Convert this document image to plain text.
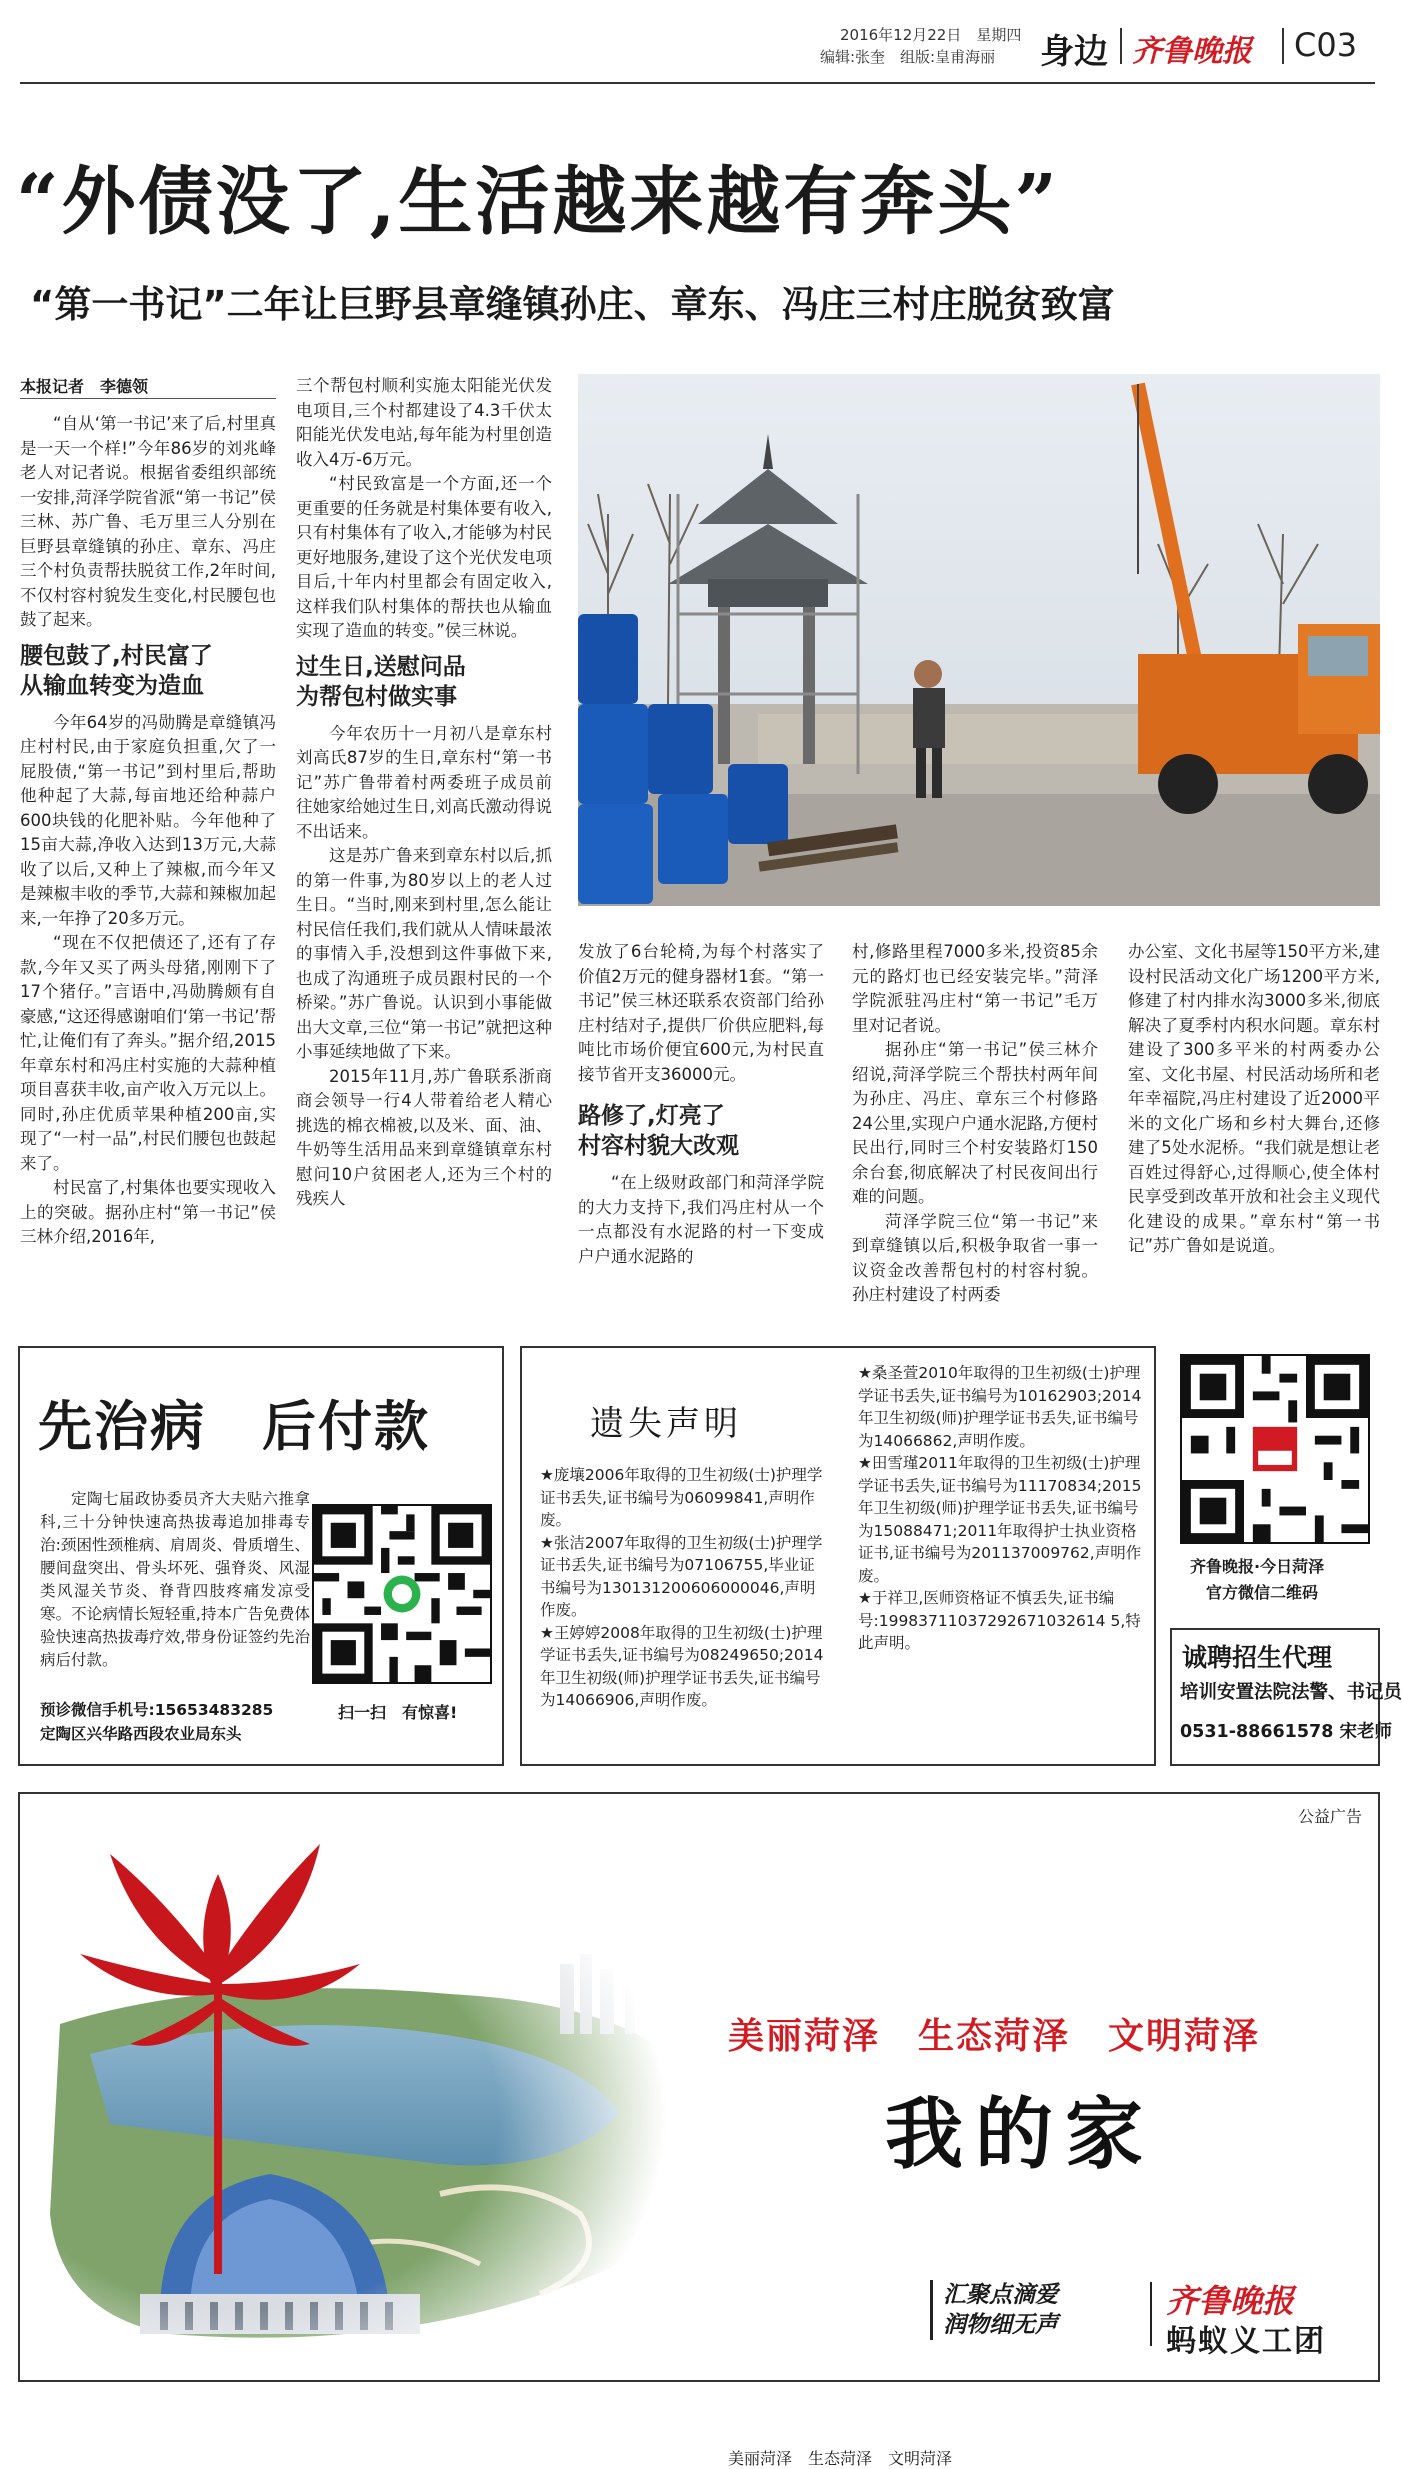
2016年12月22日　星期四
编辑:张奎　组版:皇甫海丽 身边 齐鲁晚报 C03
“外债没了,生活越来越有奔头”
“第一书记”二年让巨野县章缝镇孙庄、章东、冯庄三村庄脱贫致富
本报记者　李德领

“自从‘第一书记’来了后,村里真是一天一个样!”今年86岁的刘兆峰老人对记者说。根据省委组织部统一安排,菏泽学院省派“第一书记”侯三林、苏广鲁、毛万里三人分别在巨野县章缝镇的孙庄、章东、冯庄三个村负责帮扶脱贫工作,2年时间,不仅村容村貌发生变化,村民腰包也鼓了起来。

腰包鼓了,村民富了
从输血转变为造血

今年64岁的冯勋腾是章缝镇冯庄村村民,由于家庭负担重,欠了一屁股债,“第一书记”到村里后,帮助他种起了大蒜,每亩地还给种蒜户600块钱的化肥补贴。今年他种了15亩大蒜,净收入达到13万元,大蒜收了以后,又种上了辣椒,而今年又是辣椒丰收的季节,大蒜和辣椒加起来,一年挣了20多万元。

“现在不仅把债还了,还有了存款,今年又买了两头母猪,刚刚下了17个猪仔。”言语中,冯勋腾颇有自豪感,“这还得感谢咱们‘第一书记’帮忙,让俺们有了奔头。”据介绍,2015年章东村和冯庄村实施的大蒜种植项目喜获丰收,亩产收入万元以上。同时,孙庄优质苹果种植200亩,实现了“一村一品”,村民们腰包也鼓起来了。

村民富了,村集体也要实现收入上的突破。据孙庄村“第一书记”侯三林介绍,2016年,

三个帮包村顺利实施太阳能光伏发电项目,三个村都建设了4.3千伏太阳能光伏发电站,每年能为村里创造收入4万-6万元。

“村民致富是一个方面,还一个更重要的任务就是村集体要有收入,只有村集体有了收入,才能够为村民更好地服务,建设了这个光伏发电项目后,十年内村里都会有固定收入,这样我们队村集体的帮扶也从输血实现了造血的转变。”侯三林说。

过生日,送慰问品
为帮包村做实事

今年农历十一月初八是章东村刘高氏87岁的生日,章东村“第一书记”苏广鲁带着村两委班子成员前往她家给她过生日,刘高氏激动得说不出话来。

这是苏广鲁来到章东村以后,抓的第一件事,为80岁以上的老人过生日。“当时,刚来到村里,怎么能让村民信任我们,我们就从人情味最浓的事情入手,没想到这件事做下来,也成了沟通班子成员跟村民的一个桥梁。”苏广鲁说。认识到小事能做出大文章,三位“第一书记”就把这种小事延续地做了下来。

2015年11月,苏广鲁联系浙商商会领导一行4人带着给老人精心挑选的棉衣棉被,以及米、面、油、牛奶等生活用品来到章缝镇章东村慰问10户贫困老人,还为三个村的残疾人

发放了6台轮椅,为每个村落实了价值2万元的健身器材1套。“第一书记”侯三林还联系农资部门给孙庄村结对子,提供厂价供应肥料,每吨比市场价便宜600元,为村民直接节省开支36000元。

路修了,灯亮了
村容村貌大改观

“在上级财政部门和菏泽学院的大力支持下,我们冯庄村从一个一点都没有水泥路的村一下变成户户通水泥路的

村,修路里程7000多米,投资85余元的路灯也已经安装完毕。”菏泽学院派驻冯庄村“第一书记”毛万里对记者说。

据孙庄“第一书记”侯三林介绍说,菏泽学院三个帮扶村两年间为孙庄、冯庄、章东三个村修路24公里,实现户户通水泥路,方便村民出行,同时三个村安装路灯150余台套,彻底解决了村民夜间出行难的问题。

菏泽学院三位“第一书记”来到章缝镇以后,积极争取省一事一议资金改善帮包村的村容村貌。孙庄村建设了村两委

办公室、文化书屋等150平方米,建设村民活动文化广场1200平方米,修建了村内排水沟3000多米,彻底解决了夏季村内积水问题。章东村建设了300多平米的村两委办公室、文化书屋、村民活动场所和老年幸福院,冯庄村建设了近2000平米的文化广场和乡村大舞台,还修建了5处水泥桥。“我们就是想让老百姓过得舒心,过得顺心,使全体村民享受到改革开放和社会主义现代化建设的成果。”章东村“第一书记”苏广鲁如是说道。

先治病　后付款
定陶七届政协委员齐大夫贴六推拿科,三十分钟快速高热拔毒追加排毒专治:颈困性颈椎病、肩周炎、骨质增生、腰间盘突出、骨头坏死、强脊炎、风湿类风湿关节炎、脊背四肢疼痛发凉受寒。不论病情长短轻重,持本广告免费体验快速高热拔毒疗效,带身份证签约先治病后付款。
预诊微信手机号:15653483285
定陶区兴华路西段农业局东头
扫一扫　有惊喜!
遗失声明

★庞壤2006年取得的卫生初级(士)护理学证书丢失,证书编号为06099841,声明作废。

★张洁2007年取得的卫生初级(士)护理学证书丢失,证书编号为07106755,毕业证书编号为130131200606000046,声明作废。

★王婷婷2008年取得的卫生初级(士)护理学证书丢失,证书编号为08249650;2014年卫生初级(师)护理学证书丢失,证书编号为14066906,声明作废。

★桑圣萱2010年取得的卫生初级(士)护理学证书丢失,证书编号为10162903;2014年卫生初级(师)护理学证书丢失,证书编号为14066862,声明作废。

★田雪瑾2011年取得的卫生初级(士)护理学证书丢失,证书编号为11170834;2015年卫生初级(师)护理学证书丢失,证书编号为15088471;2011年取得护士执业资格证书,证书编号为201137009762,声明作废。

★于祥卫,医师资格证不慎丢失,证书编号:19983711037292671032614 5,特此声明。

齐鲁晚报·今日菏泽
官方微信二维码
诚聘招生代理
培训安置法院法警、书记员
0531-88661578 宋老师
公益广告
美丽菏泽　生态菏泽　文明菏泽
美丽菏泽　生态菏泽　文明菏泽
我的家
汇聚点滴爱
润物细无声
齐鲁晚报
蚂蚁义工团
